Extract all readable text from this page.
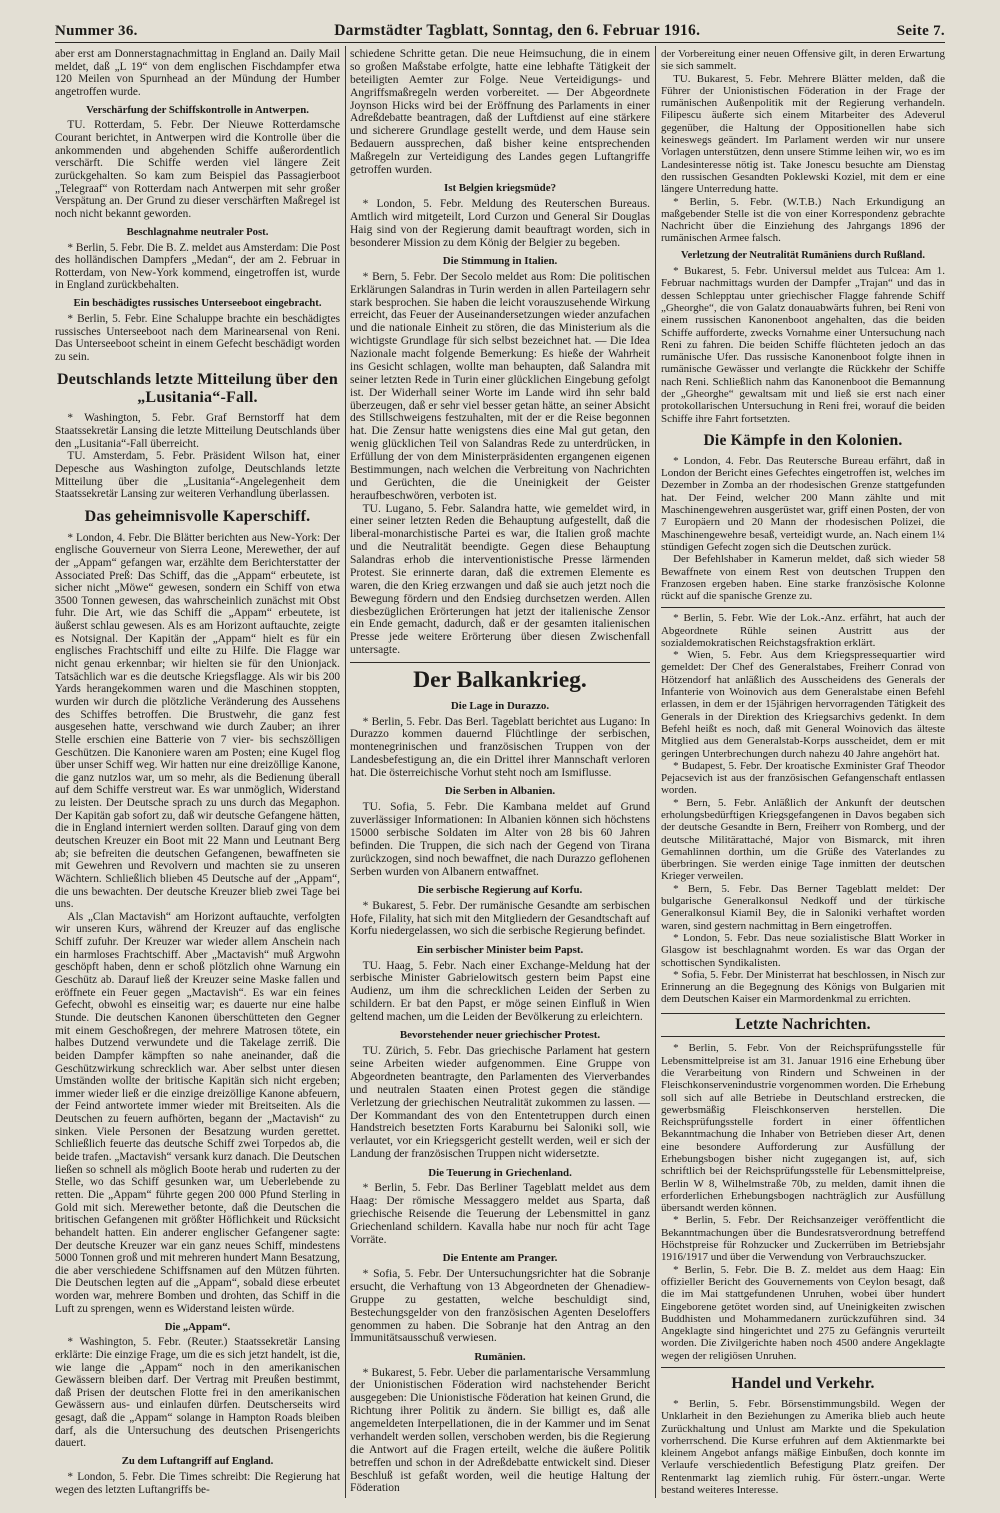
Nummer 36.	Darmstädter Tagblatt, Sonntag, den 6. Februar 1916.	Seite 7.

aber erst am Donnerstagnachmittag in England an. Daily Mail meldet, daß „L 19“ von dem englischen Fischdampfer etwa 120 Meilen von Spurnhead an der Mündung der Humber angetroffen wurde.

Verschärfung der Schiffskontrolle in Antwerpen.

TU. Rotterdam, 5. Febr. Der Nieuwe Rotterdamsche Courant berichtet, in Antwerpen wird die Kontrolle über die ankommenden und abgehenden Schiffe außerordentlich verschärft. Die Schiffe werden viel längere Zeit zurückgehalten. So kam zum Beispiel das Passagierboot „Telegraaf“ von Rotterdam nach Antwerpen mit sehr großer Verspätung an. Der Grund zu dieser verschärften Maßregel ist noch nicht bekannt geworden.

Beschlagnahme neutraler Post.

* Berlin, 5. Febr. Die B. Z. meldet aus Amsterdam: Die Post des holländischen Dampfers „Medan“, der am 2. Februar in Rotterdam, von New-York kommend, eingetroffen ist, wurde in England zurückbehalten.

Ein beschädigtes russisches Unterseeboot eingebracht.

* Berlin, 5. Febr. Eine Schaluppe brachte ein beschädigtes russisches Unterseeboot nach dem Marinearsenal von Reni. Das Unterseeboot scheint in einem Gefecht beschädigt worden zu sein.

Deutschlands letzte Mitteilung über den „Lusitania“-Fall.

* Washington, 5. Febr. Graf Bernstorff hat dem Staatssekretär Lansing die letzte Mitteilung Deutschlands über den „Lusitania“-Fall überreicht.

TU. Amsterdam, 5. Febr. Präsident Wilson hat, einer Depesche aus Washington zufolge, Deutschlands letzte Mitteilung über die „Lusitania“-Angelegenheit dem Staatssekretär Lansing zur weiteren Verhandlung überlassen.

Das geheimnisvolle Kaperschiff.

* London, 4. Febr. Die Blätter berichten aus New-York: Der englische Gouverneur von Sierra Leone, Merewether, der auf der „Appam“ gefangen war, erzählte dem Berichterstatter der Associated Preß: Das Schiff, das die „Appam“ erbeutete, ist sicher nicht „Möwe“ gewesen, sondern ein Schiff von etwa 3500 Tonnen gewesen, das wahrscheinlich zunächst mit Obst fuhr. Die Art, wie das Schiff die „Appam“ erbeutete, ist äußerst schlau gewesen. Als es am Horizont auftauchte, zeigte es Notsignal. Der Kapitän der „Appam“ hielt es für ein englisches Frachtschiff und eilte zu Hilfe. Die Flagge war nicht genau erkennbar; wir hielten sie für den Unionjack. Tatsächlich war es die deutsche Kriegsflagge. Als wir bis 200 Yards herangekommen waren und die Maschinen stoppten, wurden wir durch die plötzliche Veränderung des Aussehens des Schiffes betroffen. Die Brustwehr, die ganz fest ausgesehen hatte, verschwand wie durch Zauber; an ihrer Stelle erschien eine Batterie von 7 vier- bis sechszölligen Geschützen. Die Kanoniere waren am Posten; eine Kugel flog über unser Schiff weg. Wir hatten nur eine dreizöllige Kanone, die ganz nutzlos war, um so mehr, als die Bedienung überall auf dem Schiffe verstreut war. Es war unmöglich, Widerstand zu leisten. Der Deutsche sprach zu uns durch das Megaphon. Der Kapitän gab sofort zu, daß wir deutsche Gefangene hätten, die in England interniert werden sollten. Darauf ging von dem deutschen Kreuzer ein Boot mit 22 Mann und Leutnant Berg ab; sie befreiten die deutschen Gefangenen, bewaffneten sie mit Gewehren und Revolvern und machten sie zu unseren Wächtern. Schließlich blieben 45 Deutsche auf der „Appam“, die uns bewachten. Der deutsche Kreuzer blieb zwei Tage bei uns.

Als „Clan Mactavish“ am Horizont auftauchte, verfolgten wir unseren Kurs, während der Kreuzer auf das englische Schiff zufuhr. Der Kreuzer war wieder allem Anschein nach ein harmloses Frachtschiff. Aber „Mactavish“ muß Argwohn geschöpft haben, denn er schoß plötzlich ohne Warnung ein Geschütz ab. Darauf ließ der Kreuzer seine Maske fallen und eröffnete ein Feuer gegen „Mactavish“. Es war ein feines Gefecht, obwohl es einseitig war; es dauerte nur eine halbe Stunde. Die deutschen Kanonen überschütteten den Gegner mit einem Geschoßregen, der mehrere Matrosen tötete, ein halbes Dutzend verwundete und die Takelage zerriß. Die beiden Dampfer kämpften so nahe aneinander, daß die Geschützwirkung schrecklich war. Aber selbst unter diesen Umständen wollte der britische Kapitän sich nicht ergeben; immer wieder ließ er die einzige dreizöllige Kanone abfeuern, der Feind antwortete immer wieder mit Breitseiten. Als die Deutschen zu feuern aufhörten, begann der „Mactavish“ zu sinken. Viele Personen der Besatzung wurden gerettet. Schließlich feuerte das deutsche Schiff zwei Torpedos ab, die beide trafen. „Mactavish“ versank kurz danach. Die Deutschen ließen so schnell als möglich Boote herab und ruderten zu der Stelle, wo das Schiff gesunken war, um Ueberlebende zu retten. Die „Appam“ führte gegen 200 000 Pfund Sterling in Gold mit sich. Merewether betonte, daß die Deutschen die britischen Gefangenen mit größter Höflichkeit und Rücksicht behandelt hatten. Ein anderer englischer Gefangener sagte: Der deutsche Kreuzer war ein ganz neues Schiff, mindestens 5000 Tonnen groß und mit mehreren hundert Mann Besatzung, die aber verschiedene Schiffsnamen auf den Mützen führten. Die Deutschen legten auf die „Appam“, sobald diese erbeutet worden war, mehrere Bomben und drohten, das Schiff in die Luft zu sprengen, wenn es Widerstand leisten würde.

Die „Appam“.

* Washington, 5. Febr. (Reuter.) Staatssekretär Lansing erklärte: Die einzige Frage, um die es sich jetzt handelt, ist die, wie lange die „Appam“ noch in den amerikanischen Gewässern bleiben darf. Der Vertrag mit Preußen bestimmt, daß Prisen der deutschen Flotte frei in den amerikanischen Gewässern aus- und einlaufen dürfen. Deutscherseits wird gesagt, daß die „Appam“ solange in Hampton Roads bleiben darf, als die Untersuchung des deutschen Prisengerichts dauert.

Zu dem Luftangriff auf England.

* London, 5. Febr. Die Times schreibt: Die Regierung hat wegen des letzten Luftangriffs be-

schiedene Schritte getan. Die neue Heimsuchung, die in einem so großen Maßstabe erfolgte, hatte eine lebhafte Tätigkeit der beteiligten Aemter zur Folge. Neue Verteidigungs- und Angriffsmaßregeln werden vorbereitet. — Der Abgeordnete Joynson Hicks wird bei der Eröffnung des Parlaments in einer Adreßdebatte beantragen, daß der Luftdienst auf eine stärkere und sicherere Grundlage gestellt werde, und dem Hause sein Bedauern aussprechen, daß bisher keine entsprechenden Maßregeln zur Verteidigung des Landes gegen Luftangriffe getroffen wurden.

Ist Belgien kriegsmüde?

* London, 5. Febr. Meldung des Reuterschen Bureaus. Amtlich wird mitgeteilt, Lord Curzon und General Sir Douglas Haig sind von der Regierung damit beauftragt worden, sich in besonderer Mission zu dem König der Belgier zu begeben.

Die Stimmung in Italien.

* Bern, 5. Febr. Der Secolo meldet aus Rom: Die politischen Erklärungen Salandras in Turin werden in allen Parteilagern sehr stark besprochen. Sie haben die leicht vorauszusehende Wirkung erreicht, das Feuer der Auseinandersetzungen wieder anzufachen und die nationale Einheit zu stören, die das Ministerium als die wichtigste Grundlage für sich selbst bezeichnet hat. — Die Idea Nazionale macht folgende Bemerkung: Es hieße der Wahrheit ins Gesicht schlagen, wollte man behaupten, daß Salandra mit seiner letzten Rede in Turin einer glücklichen Eingebung gefolgt ist. Der Widerhall seiner Worte im Lande wird ihn sehr bald überzeugen, daß er sehr viel besser getan hätte, an seiner Absicht des Stillschweigens festzuhalten, mit der er die Reise begonnen hat. Die Zensur hatte wenigstens dies eine Mal gut getan, den wenig glücklichen Teil von Salandras Rede zu unterdrücken, in Erfüllung der von dem Ministerpräsidenten ergangenen eigenen Bestimmungen, nach welchen die Verbreitung von Nachrichten und Gerüchten, die die Uneinigkeit der Geister heraufbeschwören, verboten ist.

TU. Lugano, 5. Febr. Salandra hatte, wie gemeldet wird, in einer seiner letzten Reden die Behauptung aufgestellt, daß die liberal-monarchistische Partei es war, die Italien groß machte und die Neutralität beendigte. Gegen diese Behauptung Salandras erhob die interventionistische Presse lärmenden Protest. Sie erinnerte daran, daß die extremen Elemente es waren, die den Krieg erzwangen und daß sie auch jetzt noch die Bewegung fördern und den Endsieg durchsetzen werden. Allen diesbezüglichen Erörterungen hat jetzt der italienische Zensor ein Ende gemacht, dadurch, daß er der gesamten italienischen Presse jede weitere Erörterung über diesen Zwischenfall untersagte.

Der Balkankrieg.
Die Lage in Durazzo.

* Berlin, 5. Febr. Das Berl. Tageblatt berichtet aus Lugano: In Durazzo kommen dauernd Flüchtlinge der serbischen, montenegrinischen und französischen Truppen von der Landesbefestigung an, die ein Drittel ihrer Mannschaft verloren hat. Die österreichische Vorhut steht noch am Ismiflusse.

Die Serben in Albanien.

TU. Sofia, 5. Febr. Die Kambana meldet auf Grund zuverlässiger Informationen: In Albanien können sich höchstens 15000 serbische Soldaten im Alter von 28 bis 60 Jahren befinden. Die Truppen, die sich nach der Gegend von Tirana zurückzogen, sind noch bewaffnet, die nach Durazzo geflohenen Serben wurden von Albanern entwaffnet.

Die serbische Regierung auf Korfu.

* Bukarest, 5. Febr. Der rumänische Gesandte am serbischen Hofe, Filality, hat sich mit den Mitgliedern der Gesandtschaft auf Korfu niedergelassen, wo sich die serbische Regierung befindet.

Ein serbischer Minister beim Papst.

TU. Haag, 5. Febr. Nach einer Exchange-Meldung hat der serbische Minister Gabrielowitsch gestern beim Papst eine Audienz, um ihm die schrecklichen Leiden der Serben zu schildern. Er bat den Papst, er möge seinen Einfluß in Wien geltend machen, um die Leiden der Bevölkerung zu erleichtern.

Bevorstehender neuer griechischer Protest.

TU. Zürich, 5. Febr. Das griechische Parlament hat gestern seine Arbeiten wieder aufgenommen. Eine Gruppe von Abgeordneten beantragte, den Parlamenten des Vierverbandes und neutralen Staaten einen Protest gegen die ständige Verletzung der griechischen Neutralität zukommen zu lassen. — Der Kommandant des von den Ententetruppen durch einen Handstreich besetzten Forts Karaburnu bei Saloniki soll, wie verlautet, vor ein Kriegsgericht gestellt werden, weil er sich der Landung der französischen Truppen nicht widersetzte.

Die Teuerung in Griechenland.

* Berlin, 5. Febr. Das Berliner Tageblatt meldet aus dem Haag: Der römische Messaggero meldet aus Sparta, daß griechische Reisende die Teuerung der Lebensmittel in ganz Griechenland schildern. Kavalla habe nur noch für acht Tage Vorräte.

Die Entente am Pranger.

* Sofia, 5. Febr. Der Untersuchungsrichter hat die Sobranje ersucht, die Verhaftung von 13 Abgeordneten der Ghenadiew-Gruppe zu gestatten, welche beschuldigt sind, Bestechungsgelder von den französischen Agenten Deseloffers genommen zu haben. Die Sobranje hat den Antrag an den Immunitätsausschuß verwiesen.

Rumänien.

* Bukarest, 5. Febr. Ueber die parlamentarische Versammlung der Unionistischen Föderation wird nachstehender Bericht ausgegeben: Die Unionistische Föderation hat keinen Grund, die Richtung ihrer Politik zu ändern. Sie billigt es, daß alle angemeldeten Interpellationen, die in der Kammer und im Senat verhandelt werden sollen, verschoben werden, bis die Regierung die Antwort auf die Fragen erteilt, welche die äußere Politik betreffen und schon in der Adreßdebatte entwickelt sind. Dieser Beschluß ist gefaßt worden, weil die heutige Haltung der Föderation

der Vorbereitung einer neuen Offensive gilt, in deren Erwartung sie sich sammelt.

TU. Bukarest, 5. Febr. Mehrere Blätter melden, daß die Führer der Unionistischen Föderation in der Frage der rumänischen Außenpolitik mit der Regierung verhandeln. Filipescu äußerte sich einem Mitarbeiter des Adeverul gegenüber, die Haltung der Oppositionellen habe sich keineswegs geändert. Im Parlament werden wir nur unsere Vorlagen unterstützen, denn unsere Stimme leihen wir, wo es im Landesinteresse nötig ist. Take Jonescu besuchte am Dienstag den russischen Gesandten Poklewski Koziel, mit dem er eine längere Unterredung hatte.

* Berlin, 5. Febr. (W.T.B.) Nach Erkundigung an maßgebender Stelle ist die von einer Korrespondenz gebrachte Nachricht über die Einziehung des Jahrgangs 1896 der rumänischen Armee falsch.

Verletzung der Neutralität Rumäniens durch Rußland.

* Bukarest, 5. Febr. Universul meldet aus Tulcea: Am 1. Februar nachmittags wurden der Dampfer „Trajan“ und das in dessen Schlepptau unter griechischer Flagge fahrende Schiff „Gheorghe“, die von Galatz donauabwärts fuhren, bei Reni von einem russischen Kanonenboot angehalten, das die beiden Schiffe aufforderte, zwecks Vornahme einer Untersuchung nach Reni zu fahren. Die beiden Schiffe flüchteten jedoch an das rumänische Ufer. Das russische Kanonenboot folgte ihnen in rumänische Gewässer und verlangte die Rückkehr der Schiffe nach Reni. Schließlich nahm das Kanonenboot die Bemannung der „Gheorghe“ gewaltsam mit und ließ sie erst nach einer protokollarischen Untersuchung in Reni frei, worauf die beiden Schiffe ihre Fahrt fortsetzten.

Die Kämpfe in den Kolonien.

* London, 4. Febr. Das Reutersche Bureau erfährt, daß in London der Bericht eines Gefechtes eingetroffen ist, welches im Dezember in Zomba an der rhodesischen Grenze stattgefunden hat. Der Feind, welcher 200 Mann zählte und mit Maschinengewehren ausgerüstet war, griff einen Posten, der von 7 Europäern und 20 Mann der rhodesischen Polizei, die Maschinengewehre besaß, verteidigt wurde, an. Nach einem 1¼ stündigen Gefecht zogen sich die Deutschen zurück.

Der Befehlshaber in Kamerun meldet, daß sich wieder 58 Bewaffnete von einem Rest von deutschen Truppen den Franzosen ergeben haben. Eine starke französische Kolonne rückt auf die spanische Grenze zu.

* Berlin, 5. Febr. Wie der Lok.-Anz. erfährt, hat auch der Abgeordnete Rühle seinen Austritt aus der sozialdemokratischen Reichstagsfraktion erklärt.

* Wien, 5. Febr. Aus dem Kriegspressequartier wird gemeldet: Der Chef des Generalstabes, Freiherr Conrad von Hötzendorf hat anläßlich des Ausscheidens des Generals der Infanterie von Woinovich aus dem Generalstabe einen Befehl erlassen, in dem er der 15jährigen hervorragenden Tätigkeit des Generals in der Direktion des Kriegsarchivs gedenkt. In dem Befehl heißt es noch, daß mit General Woinovich das älteste Mitglied aus dem Generalstab-Korps ausscheidet, dem er mit geringen Unterbrechungen durch nahezu 40 Jahre angehört hat.

* Budapest, 5. Febr. Der kroatische Exminister Graf Theodor Pejacsevich ist aus der französischen Gefangenschaft entlassen worden.

* Bern, 5. Febr. Anläßlich der Ankunft der deutschen erholungsbedürftigen Kriegsgefangenen in Davos begaben sich der deutsche Gesandte in Bern, Freiherr von Romberg, und der deutsche Militärattaché, Major von Bismarck, mit ihren Gemahlinnen dorthin, um die Grüße des Vaterlandes zu überbringen. Sie werden einige Tage inmitten der deutschen Krieger verweilen.

* Bern, 5. Febr. Das Berner Tageblatt meldet: Der bulgarische Generalkonsul Nedkoff und der türkische Generalkonsul Kiamil Bey, die in Saloniki verhaftet worden waren, sind gestern nachmittag in Bern eingetroffen.

* London, 5. Febr. Das neue sozialistische Blatt Worker in Glasgow ist beschlagnahmt worden. Es war das Organ der schottischen Syndikalisten.

* Sofia, 5. Febr. Der Ministerrat hat beschlossen, in Nisch zur Erinnerung an die Begegnung des Königs von Bulgarien mit dem Deutschen Kaiser ein Marmordenkmal zu errichten.

Letzte Nachrichten.

* Berlin, 5. Febr. Von der Reichsprüfungsstelle für Lebensmittelpreise ist am 31. Januar 1916 eine Erhebung über die Verarbeitung von Rindern und Schweinen in der Fleischkonservenindustrie vorgenommen worden. Die Erhebung soll sich auf alle Betriebe in Deutschland erstrecken, die gewerbsmäßig Fleischkonserven herstellen. Die Reichsprüfungsstelle fordert in einer öffentlichen Bekanntmachung die Inhaber von Betrieben dieser Art, denen eine besondere Aufforderung zur Ausfüllung der Erhebungsbogen bisher nicht zugegangen ist, auf, sich schriftlich bei der Reichsprüfungsstelle für Lebensmittelpreise, Berlin W 8, Wilhelmstraße 70b, zu melden, damit ihnen die erforderlichen Erhebungsbogen nachträglich zur Ausfüllung übersandt werden können.

* Berlin, 5. Febr. Der Reichsanzeiger veröffentlicht die Bekanntmachungen über die Bundesratsverordnung betreffend Höchstpreise für Rohzucker und Zuckerrüben im Betriebsjahr 1916/1917 und über die Verwendung von Verbrauchszucker.

* Berlin, 5. Febr. Die B. Z. meldet aus dem Haag: Ein offizieller Bericht des Gouvernements von Ceylon besagt, daß die im Mai stattgefundenen Unruhen, wobei über hundert Eingeborene getötet worden sind, auf Uneinigkeiten zwischen Buddhisten und Mohammedanern zurückzuführen sind. 34 Angeklagte sind hingerichtet und 275 zu Gefängnis verurteilt worden. Die Zivilgerichte haben noch 4500 andere Angeklagte wegen der religiösen Unruhen.

Handel und Verkehr.

* Berlin, 5. Febr. Börsenstimmungsbild. Wegen der Unklarheit in den Beziehungen zu Amerika blieb auch heute Zurückhaltung und Unlust am Markte und die Spekulation vorherrschend. Die Kurse erfuhren auf dem Aktienmarkte bei kleinem Angebot anfangs mäßige Einbußen, doch konnte im Verlaufe verschiedentlich Befestigung Platz greifen. Der Rentenmarkt lag ziemlich ruhig. Für österr.-ungar. Werte bestand weiteres Interesse.
